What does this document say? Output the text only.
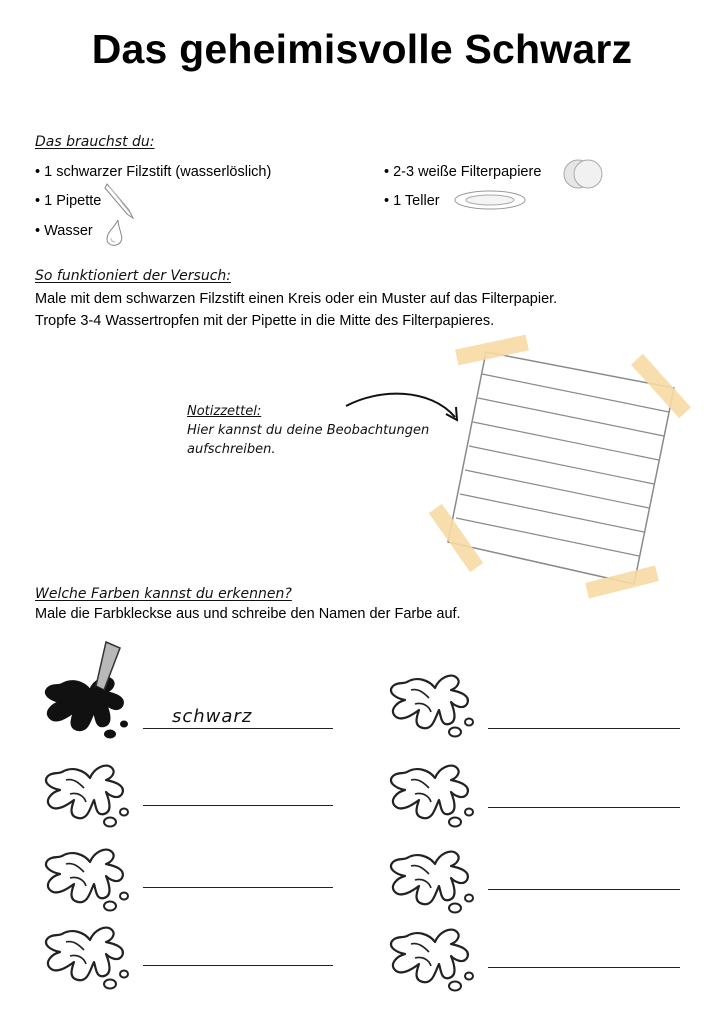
Das geheimisvolle Schwarz
Das brauchst du:
• 1 schwarzer Filzstift (wasserlöslich)
• 1 Pipette
• Wasser
• 2-3 weiße Filterpapiere
• 1 Teller
So funktioniert der Versuch:
Male mit dem schwarzen Filzstift einen Kreis oder ein Muster auf das Filterpapier.
Tropfe 3-4 Wassertropfen mit der Pipette in die Mitte des Filterpapieres.
Notizzettel:
Hier kannst du deine Beobachtungen
aufschreiben.
Welche Farben kannst du erkennen?
Male die Farbkleckse aus und schreibe den Namen der Farbe auf.
schwarz
